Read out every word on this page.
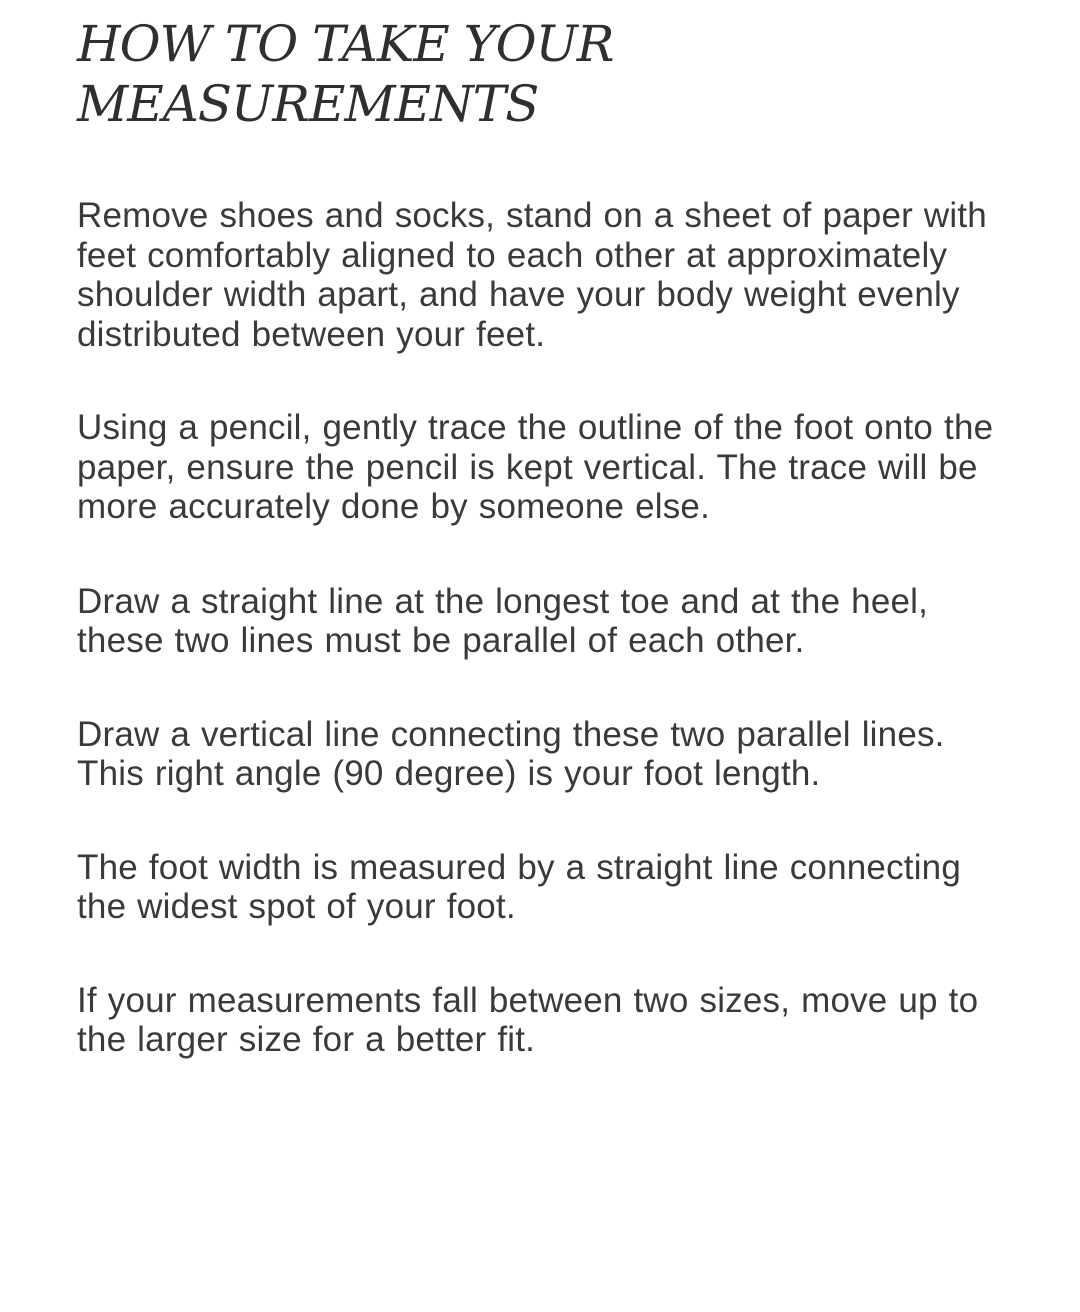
HOW TO TAKE YOUR MEASUREMENTS

Remove shoes and socks, stand on a sheet of paper with feet comfortably aligned to each other at approximately shoulder width apart, and have your body weight evenly distributed between your feet.

Using a pencil, gently trace the outline of the foot onto the paper, ensure the pencil is kept vertical. The trace will be more accurately done by someone else.

Draw a straight line at the longest toe and at the heel, these two lines must be parallel of each other.

Draw a vertical line connecting these two parallel lines. This right angle (90 degree) is your foot length.

The foot width is measured by a straight line connecting the widest spot of your foot.

If your measurements fall between two sizes, move up to the larger size for a better fit.
